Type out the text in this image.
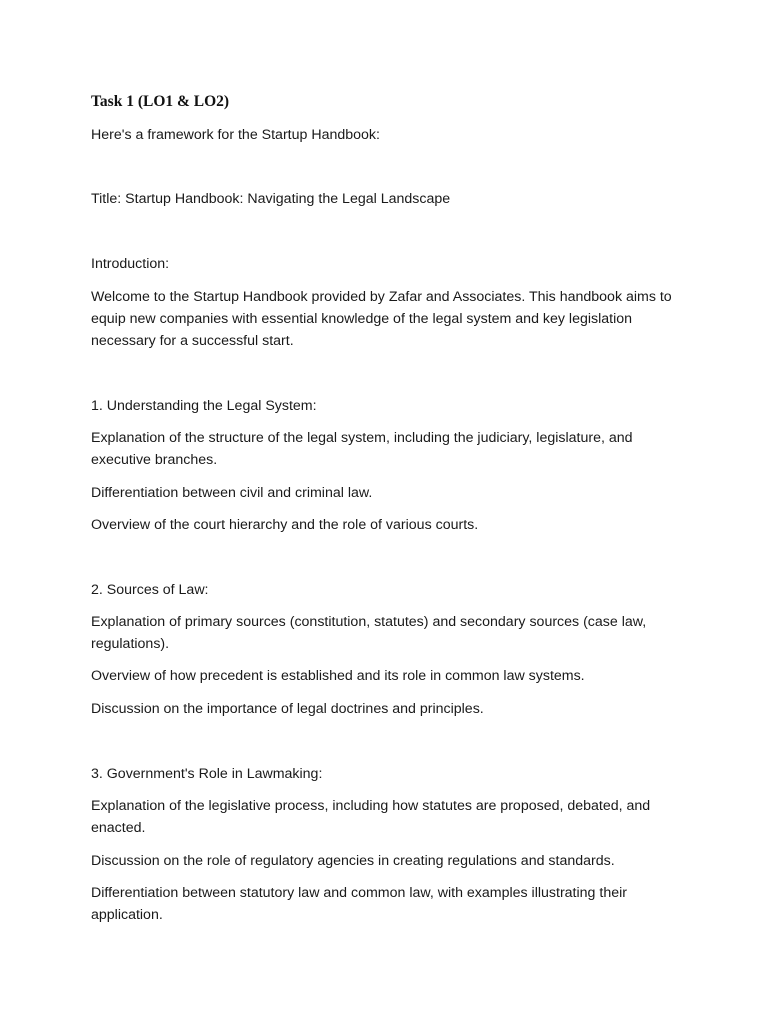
Task 1 (LO1 & LO2)
Here's a framework for the Startup Handbook:
Title: Startup Handbook: Navigating the Legal Landscape
Introduction:
Welcome to the Startup Handbook provided by Zafar and Associates. This handbook aims to equip new companies with essential knowledge of the legal system and key legislation necessary for a successful start.
1. Understanding the Legal System:
Explanation of the structure of the legal system, including the judiciary, legislature, and executive branches.
Differentiation between civil and criminal law.
Overview of the court hierarchy and the role of various courts.
2. Sources of Law:
Explanation of primary sources (constitution, statutes) and secondary sources (case law, regulations).
Overview of how precedent is established and its role in common law systems.
Discussion on the importance of legal doctrines and principles.
3. Government's Role in Lawmaking:
Explanation of the legislative process, including how statutes are proposed, debated, and enacted.
Discussion on the role of regulatory agencies in creating regulations and standards.
Differentiation between statutory law and common law, with examples illustrating their application.
